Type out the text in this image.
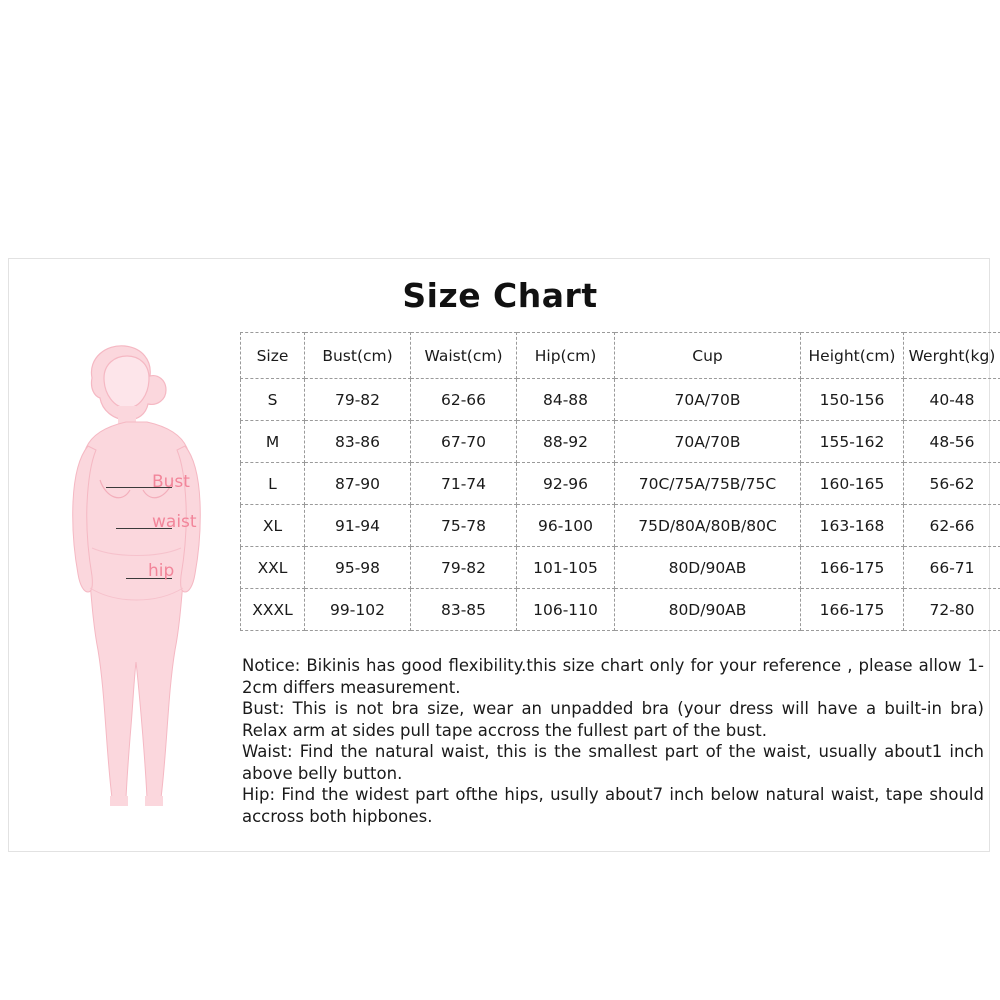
Size Chart
Bust
waist
hip
Size	Bust(cm)	Waist(cm)	Hip(cm)	Cup	Height(cm)	Werght(kg)
S	79-82	62-66	84-88	70A/70B	150-156	40-48
M	83-86	67-70	88-92	70A/70B	155-162	48-56
L	87-90	71-74	92-96	70C/75A/75B/75C	160-165	56-62
XL	91-94	75-78	96-100	75D/80A/80B/80C	163-168	62-66
XXL	95-98	79-82	101-105	80D/90AB	166-175	66-71
XXXL	99-102	83-85	106-110	80D/90AB	166-175	72-80

Notice: Bikinis has good flexibility.this size chart only for your reference , please allow 1-2cm differs measurement.

Bust: This is not bra size, wear an unpadded bra (your dress will have a built-in bra) Relax arm at sides pull tape accross the fullest part of the bust.

Waist: Find the natural waist, this is the smallest part of the waist, usually about1 inch above belly button.

Hip: Find the widest part ofthe hips, usully about7 inch below natural waist, tape should accross both hipbones.
